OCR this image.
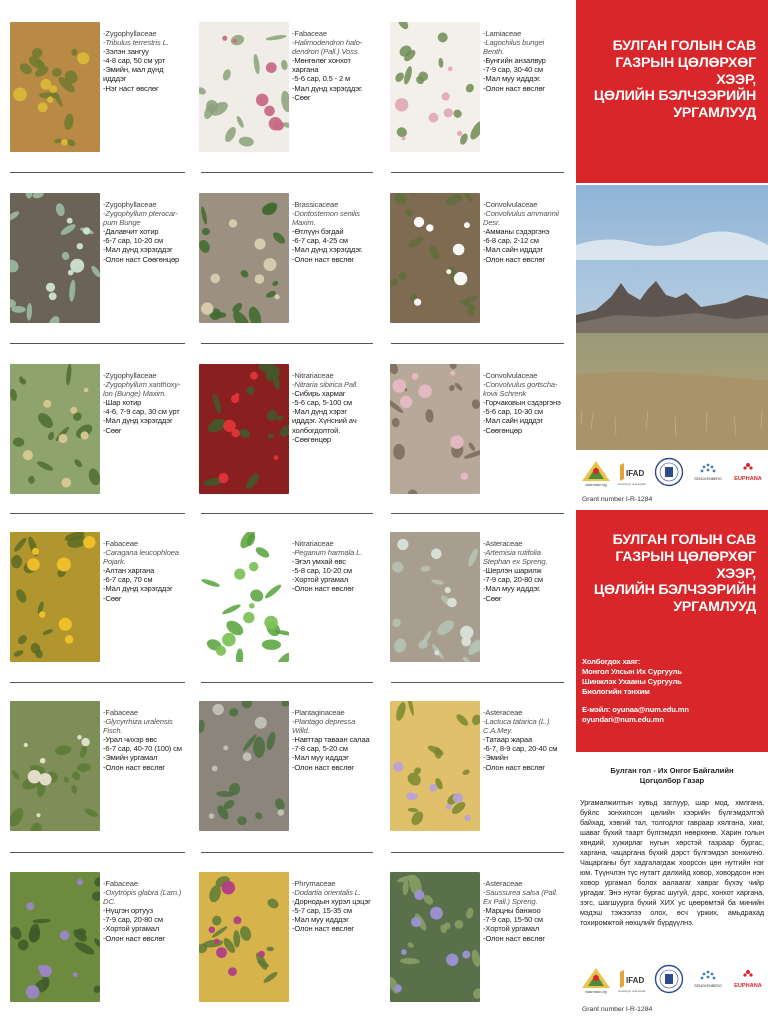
-Zygophyllaceae
-Tribulus terrestris L.
-Зэлэн зангуу
-4-8 сар, 50 см урт
-Эмийн, мал дүнд
идддэг
-Нэг наст өвслөг
-Fabaceae
-Halimodendron halo-
dendron (Pall.) Voss.
-Мөнгөлөг хонхот
харгана
-5-6 сар, 0.5 - 2 м
-Мал дүнд хэрэгддэг.
-Сөөг
-Lamiaceae
-Lagochilus bungei
Benth.
-Бунгийн анзалвур
-7-9 сар, 30-40 см
-Мал муу идддэг.
-Олон наст өвслөг
-Zygophyllaceae
-Zygophyllum pterocar-
pum Bunge
-Далавчит хотир
-6-7 сар, 10-20 см
-Мал дүнд хэрэгддэг
-Олон наст Сөөгөнцөр
-Brassicaceae
-Dontostemon senilis
Maxim.
-Өтлүүн бэгдай
-6-7 сар, 4-25 см
-Мал дүнд хэрэгддэг.
-Олон наст өвслөг
-Convolvulaceae
-Convolvulus ammannii
Desr.
-Амманы сэдэргэнэ
-6-8 сар, 2-12 см
-Мал сайн идддэг
-Олон наст өвслөг
-Zygophyllaceae
-Zygophyllum xanthoxy-
lon (Bunge) Maxim.
-Шар хотир
-4-6, 7-9 сар, 30 см урт
-Мал дүнд хэрэгддэг
-Сөөг
-Nitrariaceae
-Nitraria sibirica Pall.
-Сибирь хармаг
-5-6 сар, 5-100 см
-Мал дүнд хэрэг
идддэг. Хүнсний ач
холбогдолтой.
-Сөөгөнцөр
-Convolvulaceae
-Convolvulus gortscha-
kovii Schrenk
-Горчаковын сэдэргэнэ
-5-6 сар, 10-30 см
-Мал сайн идддэг
-Сөөгөнцөр
-Fabaceae
-Caragana leucophloea
Pojark.
-Алтан харгана
-6-7 сар, 70 см
-Мал дүнд хэрэгддэг
-Сөөг
-Nitrariaceae
-Peganum harmala L.
-Эгэл умхай өвс
-5-8 сар, 10-20 см
-Хортой ургамал
-Олон наст өвслөг
-Asteraceae
-Artemisia rutifolia
Stephan ex Spreng.
-Шерлэн шарилж
-7-9 сар, 20-80 см
-Мал муу идддэг.
-Сөөг
-Fabaceae
-Glycyrrhiza uralensis
Fisch.
-Урал чихэр өвс
-6-7 сар, 40-70 (100) см
-Эмийн ургамал
-Олон наст өвслөг
-Plantaginaceae
-Plantago depressa
Willd.
-Навттар таваан салаа
-7-8 сар, 5-20 см
-Мал муу идддэг
-Олон наст өвслөг
-Asteraceae
-Lactuca tatarica (L.)
C.A.Mey.
-Татаар жараа
-6-7, 8-9 сар, 20-40 см
-Эмийн
-Олон наст өвслөг
-Fabaceae
-Oxytropis glabra (Lam.)
DC.
-Нүцгэн ортууз
-7-9 сар, 20-80 см
-Хортой ургамал
-Олон наст өвслөг
-Phrymaceae
-Dodartia orientalis L.
-Дорнодын хурэл цэцэг
-5-7 сар, 15-35 см
-Мал муу идддэг
-Олон наст өвслөг
-Asteraceae
-Saussurea salsa (Pall.
Ex Pall.) Spreng.
-Марцны банжоо
-7-9 сар, 15-50 см
-Хортой ургамал
-Олон наст өвслөг
БУЛГАН ГОЛЫН САВ
ГАЗРЫН ЦӨЛӨРХӨГ
ХЭЭР,
ЦӨЛИЙН БЭЛЧЭЭРИЙН
УРГАМЛУУД
www.moun.org
IFAD
Investing in rural people
SENCKENBERG EUPHANA
Grant number I-R-1284
БУЛГАН ГОЛЫН САВ
ГАЗРЫН ЦӨЛӨРХӨГ
ХЭЭР,
ЦӨЛИЙН БЭЛЧЭЭРИЙН
УРГАМЛУУД
Холбогдох хаяг:
Монгол Улсын Их Сургууль
Шинжлэх Ухааны Сургууль
Биологийн тэнхим
Е-мэйл: oyunaa@num.edu.mn
oyundari@num.edu.mn
Булган гол - Их Онгог Байгалийн
Цогцолбор Газар
Ургамалжилтын хувьд заглуур, шар мод, хмлгана, буйлс зонхилсон цөлийн хээрийн бүлгэмдэлтэй байхад, хэвгий тал, толгодлог гавраар хялгана, хиаг, шаваг бүхий таарт бүлгэмдэл нөөрхөнө. Харин голын хөндий, хужирлаг нугын хөрстэй газраар бургас, харгана, чацаргана бүхий дэрст бүлгэмдэл зонхилно. Чацарганы бут хадгалагдаж хоорсон цөн нутгийн нэг юм. Түүнчлэн түс нутагт далхийд ховор, ховордсон нэн ховор ургамал болох аалаагаг хавраг бүхэү чийр ургадаг. Энэ нутаг бургас шугуй, дэрс, хонхот харгана, зэгс, шагшуурга бүхий ХИХ ус цөөрөмтэй ба минийн мэдэш тэжээлээ олох, өсч үржих, амьдрахад тохиромжтой нөхцлийг бүрдүүлнэ.
www.moun.org
IFAD
Investing in rural people
SENCKENBERG EUPHANA
Grant number I-R-1284
